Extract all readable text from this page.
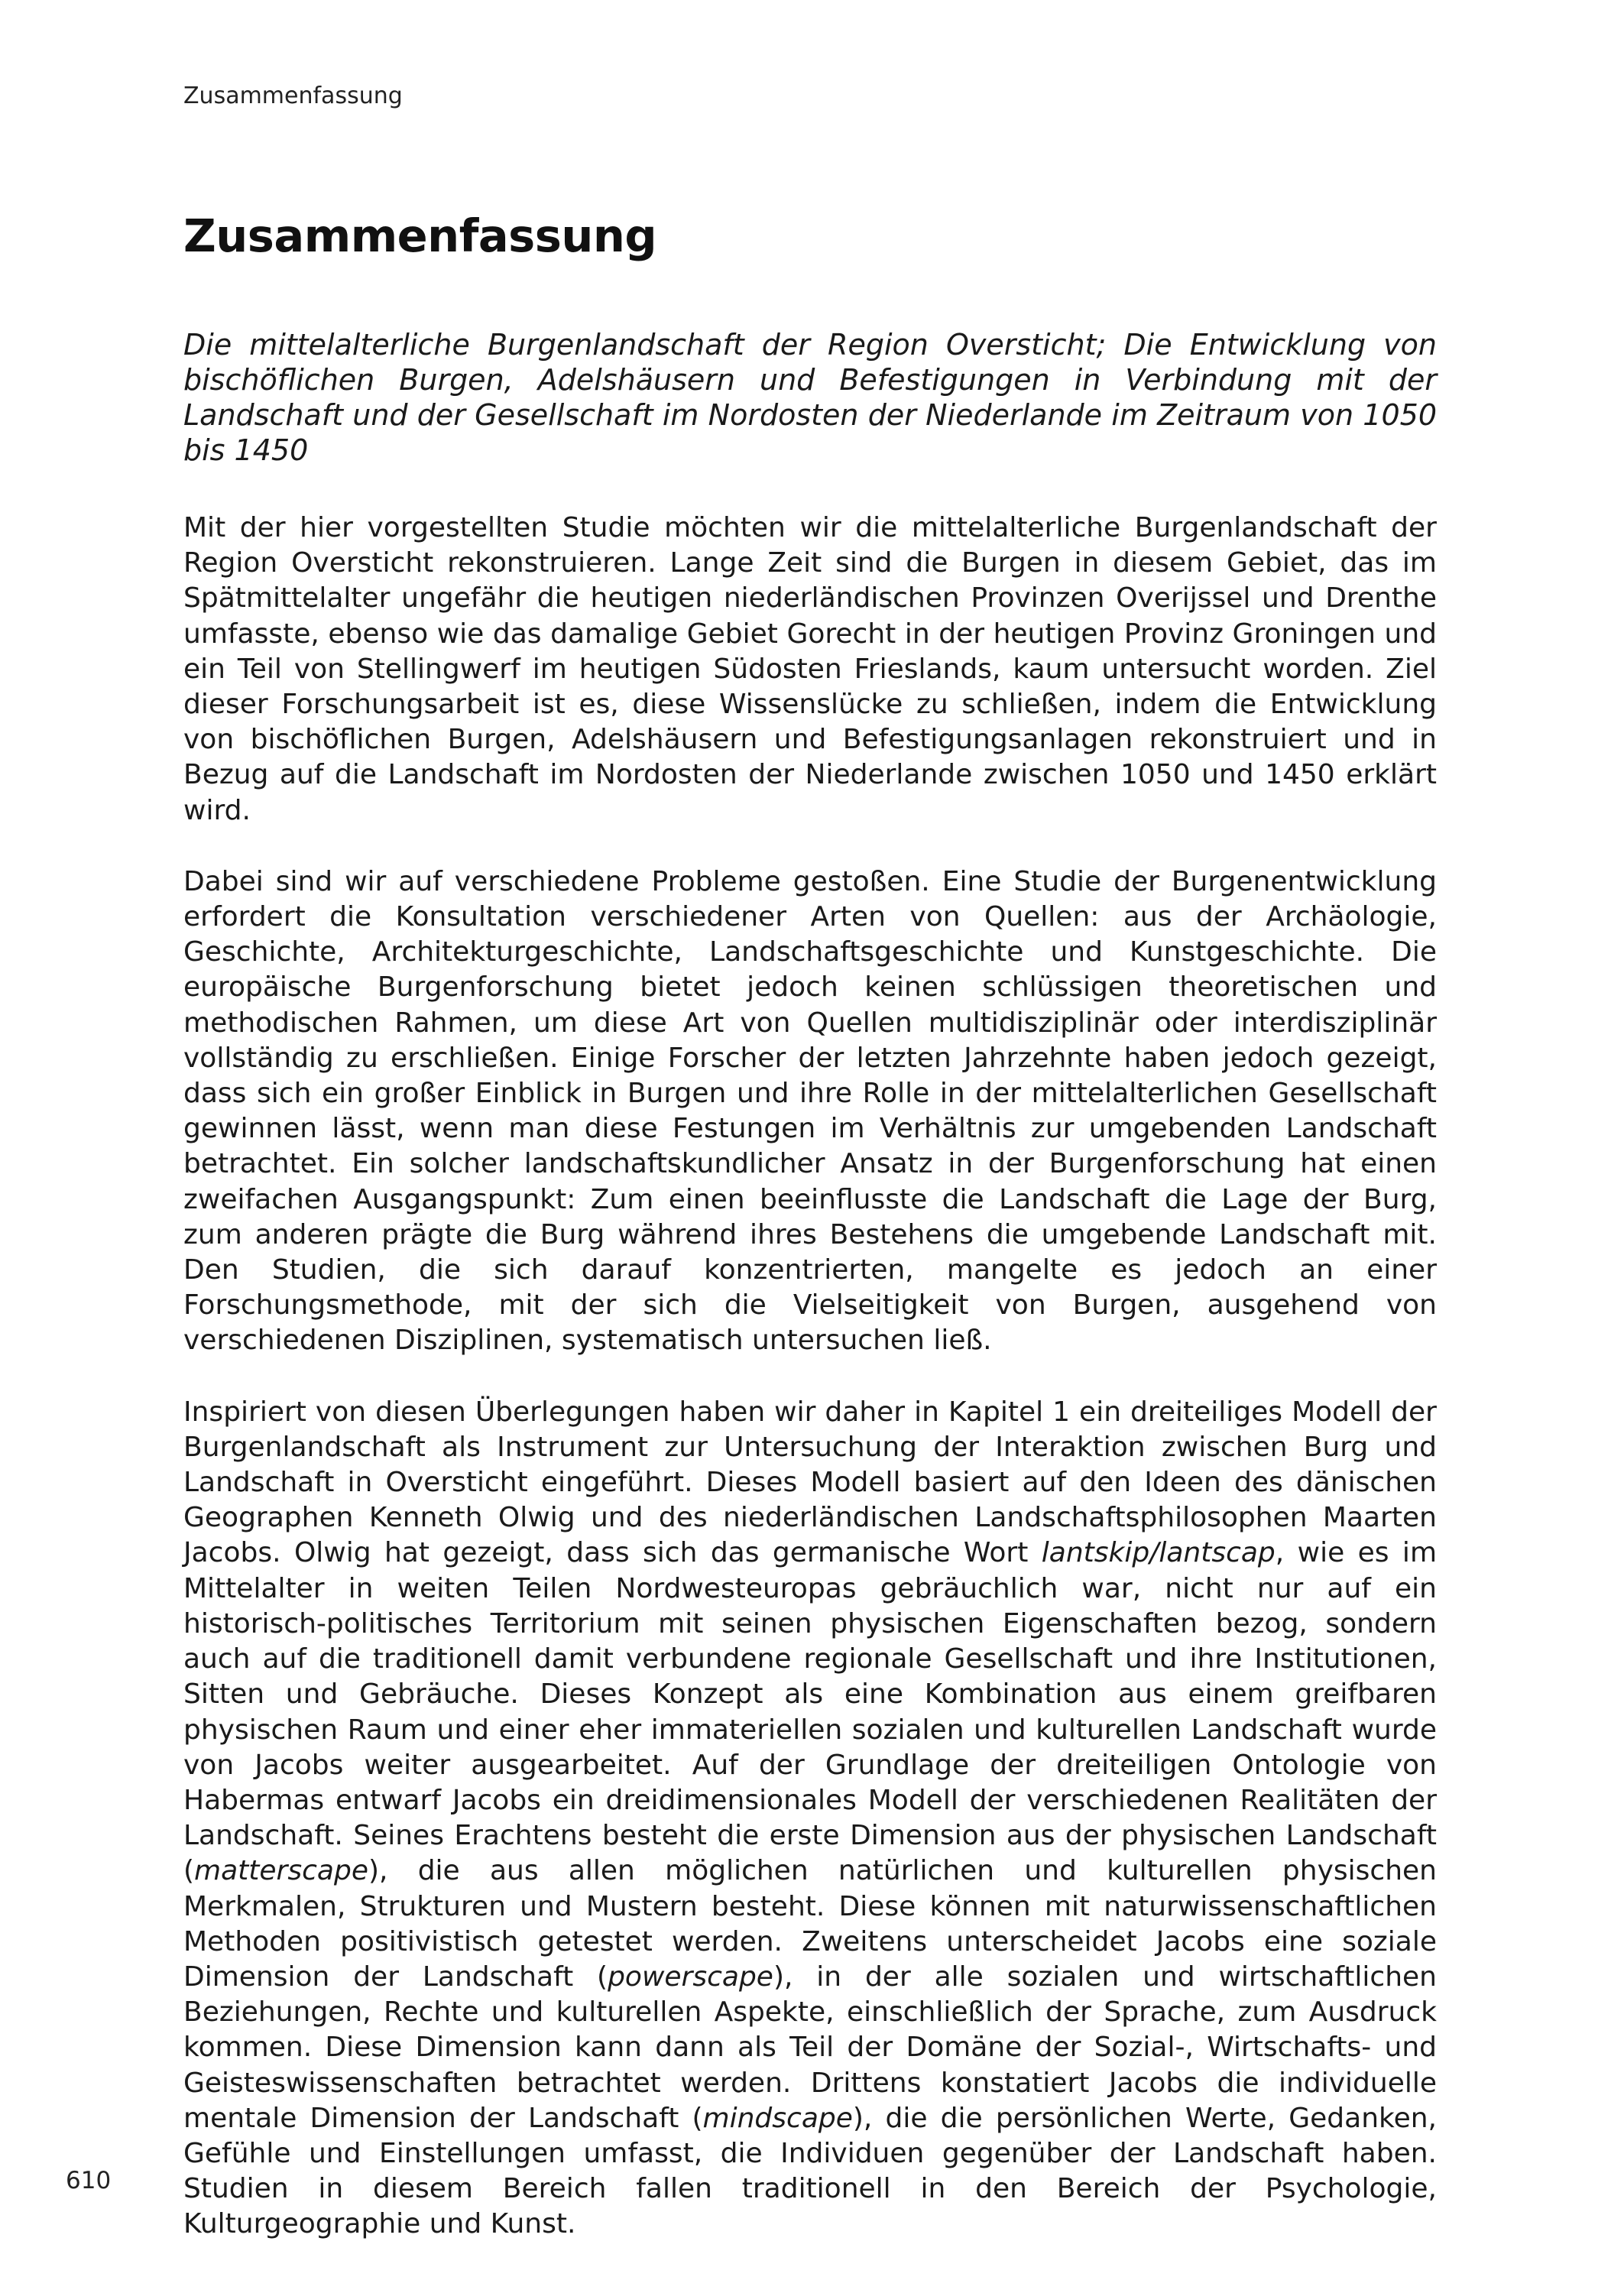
Zusammenfassung
Zusammenfassung

Die mittelalterliche Burgenlandschaft der Region Oversticht; Die Entwicklung von bischöflichen Burgen, Adelshäusern und Befestigungen in Verbindung mit der Landschaft und der Gesellschaft im Nordosten der Niederlande im Zeitraum von 1050 bis 1450

Mit der hier vorgestellten Studie möchten wir die mittelalterliche Burgenlandschaft der Region Oversticht rekonstruieren. Lange Zeit sind die Burgen in diesem Gebiet, das im Spätmittelalter ungefähr die heutigen niederländischen Provinzen Overijssel und Drenthe umfasste, ebenso wie das damalige Gebiet Gorecht in der heutigen Provinz Groningen und ein Teil von Stellingwerf im heutigen Südosten Frieslands, kaum untersucht worden. Ziel dieser Forschungsarbeit ist es, diese Wissenslücke zu schließen, indem die Entwicklung von bischöflichen Burgen, Adelshäusern und Befestigungsanlagen rekonstruiert und in Bezug auf die Landschaft im Nordosten der Niederlande zwischen 1050 und 1450 erklärt wird.

Dabei sind wir auf verschiedene Probleme gestoßen. Eine Studie der Burgenentwicklung erfordert die Konsultation verschiedener Arten von Quellen: aus der Archäologie, Geschichte, Architekturgeschichte, Landschaftsgeschichte und Kunstgeschichte. Die europäische Burgenforschung bietet jedoch keinen schlüssigen theoretischen und methodischen Rahmen, um diese Art von Quellen multidisziplinär oder interdisziplinär vollständig zu erschließen. Einige Forscher der letzten Jahrzehnte haben jedoch gezeigt, dass sich ein großer Einblick in Burgen und ihre Rolle in der mittelalterlichen Gesellschaft gewinnen lässt, wenn man diese Festungen im Verhältnis zur umgebenden Landschaft betrachtet. Ein solcher landschaftskundlicher Ansatz in der Burgenforschung hat einen zweifachen Ausgangspunkt: Zum einen beeinflusste die Landschaft die Lage der Burg, zum anderen prägte die Burg während ihres Bestehens die umgebende Landschaft mit. Den Studien, die sich darauf konzentrierten, mangelte es jedoch an einer Forschungsmethode, mit der sich die Vielseitigkeit von Burgen, ausgehend von verschiedenen Disziplinen, systematisch untersuchen ließ.

Inspiriert von diesen Überlegungen haben wir daher in Kapitel 1 ein dreiteiliges Modell der Burgenlandschaft als Instrument zur Untersuchung der Interaktion zwischen Burg und Landschaft in Oversticht eingeführt. Dieses Modell basiert auf den Ideen des dänischen Geographen Kenneth Olwig und des niederländischen Landschaftsphilosophen Maarten Jacobs. Olwig hat gezeigt, dass sich das germanische Wort lantskip/lantscap, wie es im Mittelalter in weiten Teilen Nordwesteuropas gebräuchlich war, nicht nur auf ein historisch-politisches Territorium mit seinen physischen Eigenschaften bezog, sondern auch auf die traditionell damit verbundene regionale Gesellschaft und ihre Institutionen, Sitten und Gebräuche. Dieses Konzept als eine Kombination aus einem greifbaren physischen Raum und einer eher immateriellen sozialen und kulturellen Landschaft wurde von Jacobs weiter ausgearbeitet. Auf der Grundlage der dreiteiligen Ontologie von Habermas entwarf Jacobs ein dreidimensionales Modell der verschiedenen Realitäten der Landschaft. Seines Erachtens besteht die erste Dimension aus der physischen Landschaft (matterscape), die aus allen möglichen natürlichen und kulturellen physischen Merkmalen, Strukturen und Mustern besteht. Diese können mit naturwissenschaftlichen Methoden positivistisch getestet werden. Zweitens unterscheidet Jacobs eine soziale Dimension der Landschaft (powerscape), in der alle sozialen und wirtschaftlichen Beziehungen, Rechte und kulturellen Aspekte, einschließlich der Sprache, zum Ausdruck kommen. Diese Dimension kann dann als Teil der Domäne der Sozial-, Wirtschafts- und Geisteswissenschaften betrachtet werden. Drittens konstatiert Jacobs die individuelle mentale Dimension der Landschaft (mindscape), die die persönlichen Werte, Gedanken, Gefühle und Einstellungen umfasst, die Individuen gegenüber der Landschaft haben. Studien in diesem Bereich fallen traditionell in den Bereich der Psychologie, Kulturgeographie und Kunst.

610
